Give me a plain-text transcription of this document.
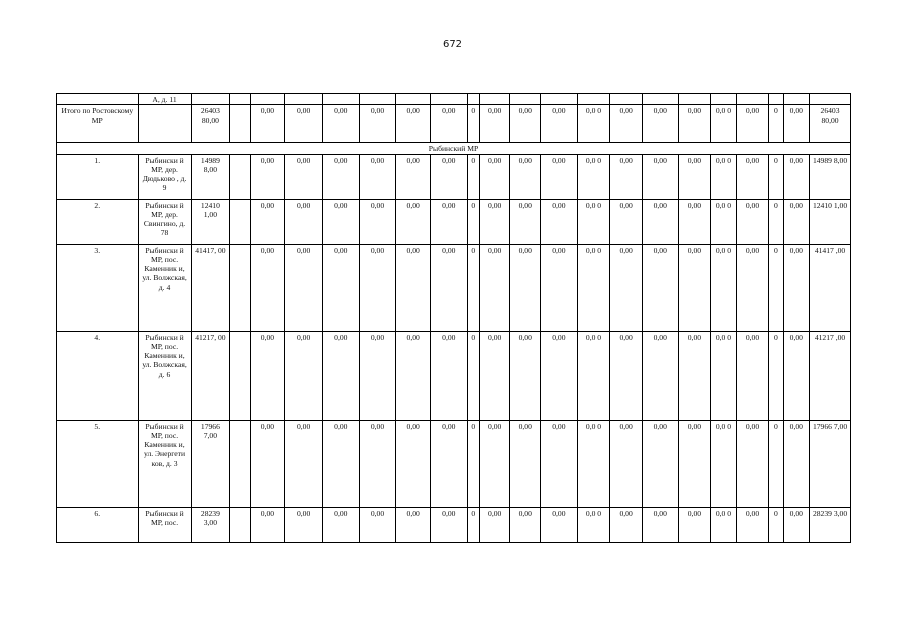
672
	А, д. 11																					
Итого по Ростовскому МР		26403 80,00		0,00	0,00	0,00	0,00	0,00	0,00	0	0,00	0,00	0,00	0,0 0	0,00	0,00	0,00	0,0 0	0,00	0	0,00	26403 80,00
Рыбинский МР																						
1.	Рыбински й МР, дер. Дюдьково , д. 9	14989 8,00		0,00	0,00	0,00	0,00	0,00	0,00	0	0,00	0,00	0,00	0,0 0	0,00	0,00	0,00	0,0 0	0,00	0	0,00	14989 8,00
2.	Рыбински й МР, дер. Свингино, д. 78	12410 1,00		0,00	0,00	0,00	0,00	0,00	0,00	0	0,00	0,00	0,00	0,0 0	0,00	0,00	0,00	0,0 0	0,00	0	0,00	12410 1,00
3.	Рыбински й МР, пос. Каменник и, ул. Волжская, д. 4	41417, 00		0,00	0,00	0,00	0,00	0,00	0,00	0	0,00	0,00	0,00	0,0 0	0,00	0,00	0,00	0,0 0	0,00	0	0,00	41417 ,00
4.	Рыбински й МР, пос. Каменник и, ул. Волжская, д. 6	41217, 00		0,00	0,00	0,00	0,00	0,00	0,00	0	0,00	0,00	0,00	0,0 0	0,00	0,00	0,00	0,0 0	0,00	0	0,00	41217 ,00
5.	Рыбински й МР, пос. Каменник и, ул. Энергети ков, д. 3	17966 7,00		0,00	0,00	0,00	0,00	0,00	0,00	0	0,00	0,00	0,00	0,0 0	0,00	0,00	0,00	0,0 0	0,00	0	0,00	17966 7,00
6.	Рыбински й МР, пос.	28239 3,00		0,00	0,00	0,00	0,00	0,00	0,00	0	0,00	0,00	0,00	0,0 0	0,00	0,00	0,00	0,0 0	0,00	0	0,00	28239 3,00
